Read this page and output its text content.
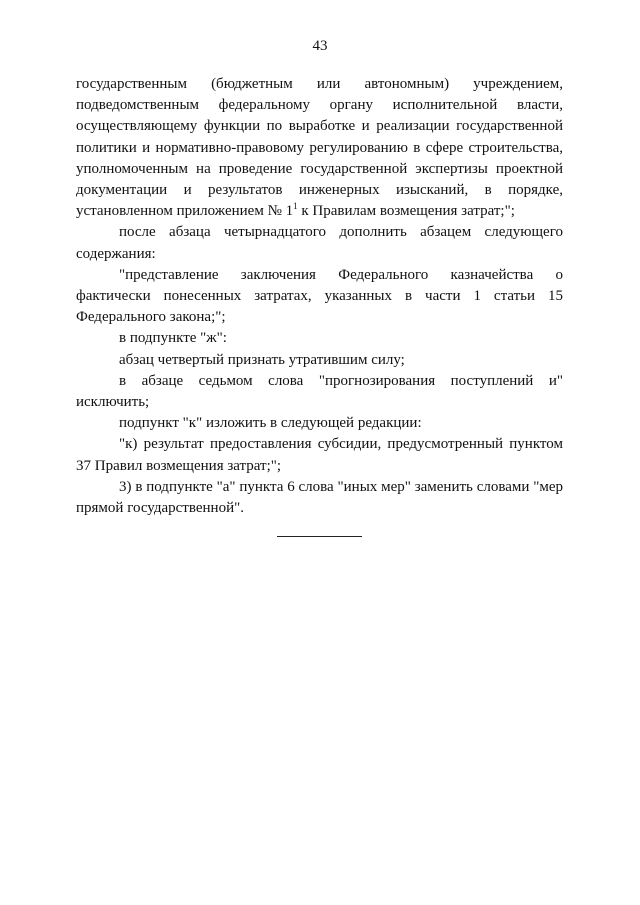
43

государственным (бюджетным или автономным) учреждением, подведомственным федеральному органу исполнительной власти, осуществляющему функции по выработке и реализации государственной политики и нормативно-правовому регулированию в сфере строительства, уполномоченным на проведение государственной экспертизы проектной документации и результатов инженерных изысканий, в порядке, установленном приложением № $1^1$ к Правилам возмещения затрат;";

после абзаца четырнадцатого дополнить абзацем следующего содержания:

"представление заключения Федерального казначейства о фактически понесенных затратах, указанных в части 1 статьи 15 Федерального закона;";

в подпункте "ж":

абзац четвертый признать утратившим силу;

в абзаце седьмом слова "прогнозирования поступлений и" исключить;

подпункт "к" изложить в следующей редакции:

"к) результат предоставления субсидии, предусмотренный пунктом 37 Правил возмещения затрат;";

3) в подпункте "а" пункта 6 слова "иных мер" заменить словами "мер прямой государственной".
